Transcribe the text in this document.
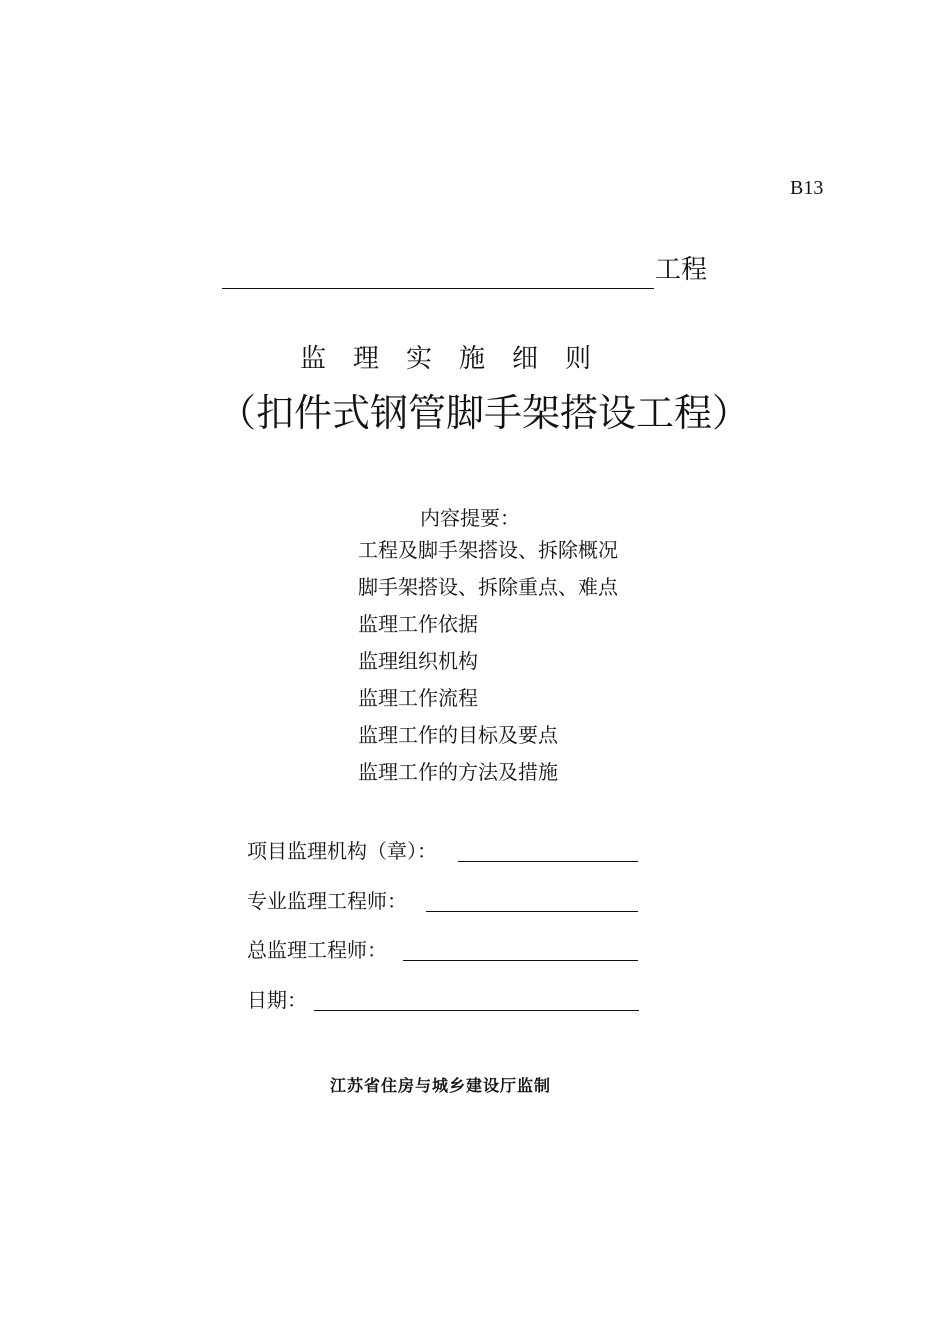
B13
工程
监理实施细则
（扣件式钢管脚手架搭设工程）
内容提要：
工程及脚手架搭设、拆除概况
脚手架搭设、拆除重点、难点
监理工作依据
监理组织机构
监理工作流程
监理工作的目标及要点
监理工作的方法及措施
项目监理机构（章）：
专业监理工程师：
总监理工程师：
日期：
江苏省住房与城乡建设厅监制
